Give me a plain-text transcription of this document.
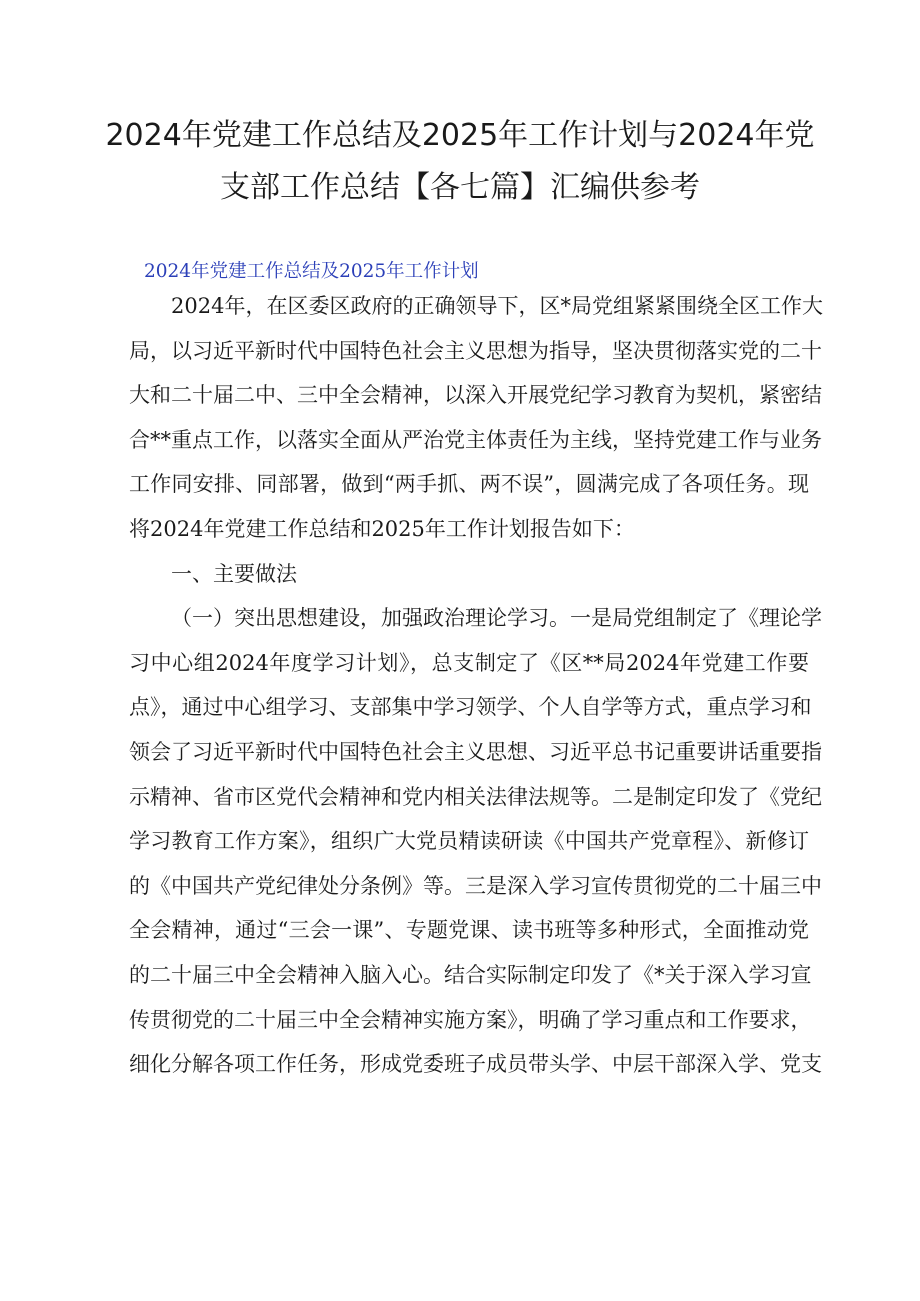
2024年党建工作总结及2025年工作计划与2024年党
支部工作总结【各七篇】汇编供参考
2024年党建工作总结及2025年工作计划
2024年，在区委区政府的正确领导下，区*局党组紧紧围绕全区工作大
局，以习近平新时代中国特色社会主义思想为指导，坚决贯彻落实党的二十
大和二十届二中、三中全会精神，以深入开展党纪学习教育为契机，紧密结
合**重点工作，以落实全面从严治党主体责任为主线，坚持党建工作与业务
工作同安排、同部署，做到“两手抓、两不误”，圆满完成了各项任务。现
将2024年党建工作总结和2025年工作计划报告如下：
一、主要做法
（一）突出思想建设，加强政治理论学习。一是局党组制定了《理论学
习中心组2024年度学习计划》，总支制定了《区**局2024年党建工作要
点》，通过中心组学习、支部集中学习领学、个人自学等方式，重点学习和
领会了习近平新时代中国特色社会主义思想、习近平总书记重要讲话重要指
示精神、省市区党代会精神和党内相关法律法规等。二是制定印发了《党纪
学习教育工作方案》，组织广大党员精读研读《中国共产党章程》、新修订
的《中国共产党纪律处分条例》等。三是深入学习宣传贯彻党的二十届三中
全会精神，通过“三会一课”、专题党课、读书班等多种形式，全面推动党
的二十届三中全会精神入脑入心。结合实际制定印发了《*关于深入学习宣
传贯彻党的二十届三中全会精神实施方案》，明确了学习重点和工作要求，
细化分解各项工作任务，形成党委班子成员带头学、中层干部深入学、党支
